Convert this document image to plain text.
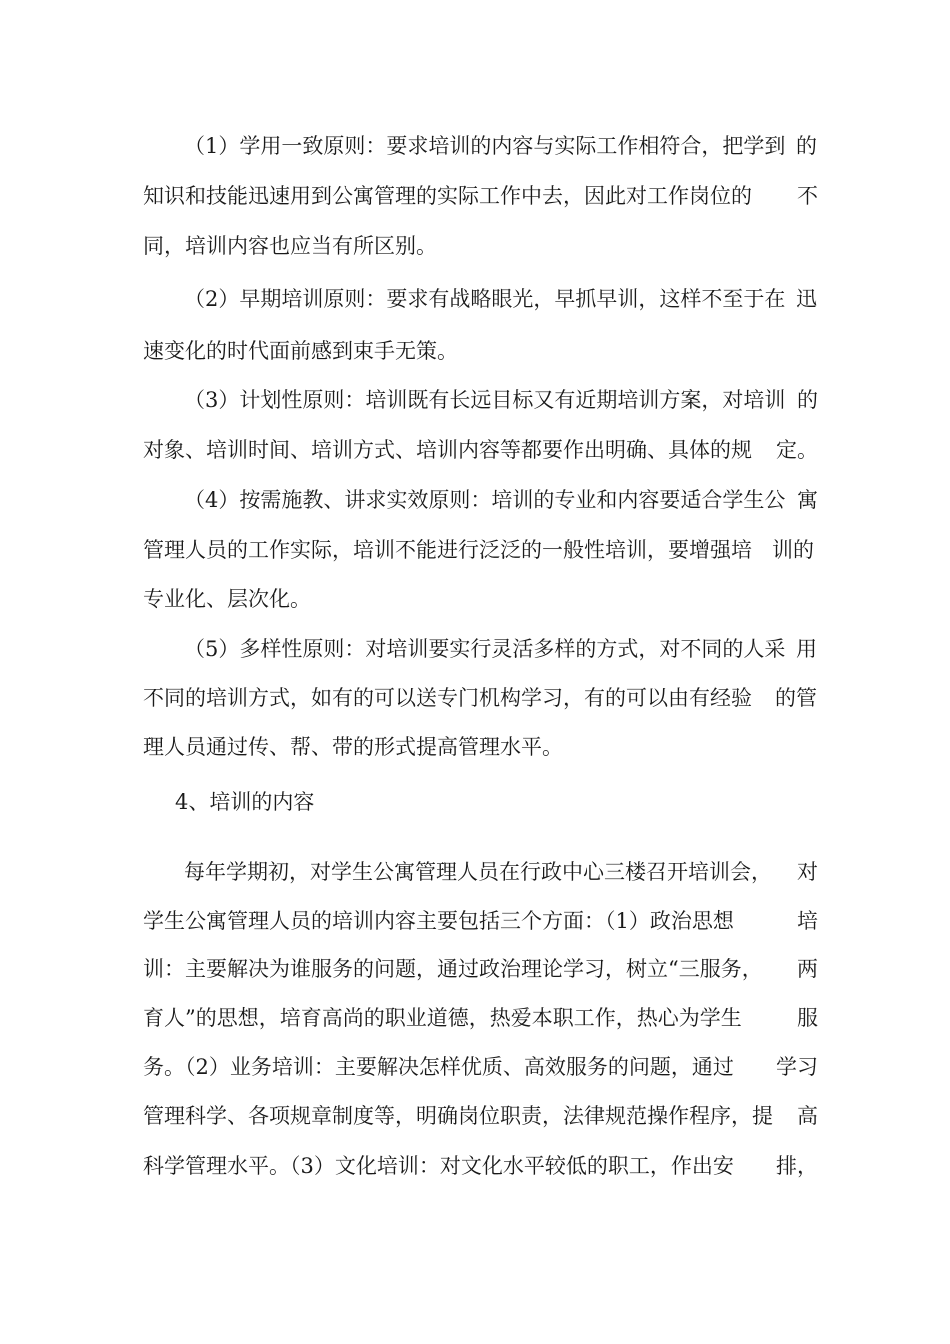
（1）学用一致原则：要求培训的内容与实际工作相符合，把学到 的
知识和技能迅速用到公寓管理的实际工作中去，因此对工作岗位的 不
同，培训内容也应当有所区别。
（2）早期培训原则：要求有战略眼光，早抓早训，这样不至于在 迅
速变化的时代面前感到束手无策。
（3）计划性原则：培训既有长远目标又有近期培训方案，对培训 的
对象、培训时间、培训方式、培训内容等都要作出明确、具体的规 定。
（4）按需施教、讲求实效原则：培训的专业和内容要适合学生公 寓
管理人员的工作实际，培训不能进行泛泛的一般性培训，要增强培 训的
专业化、层次化。
（5）多样性原则：对培训要实行灵活多样的方式，对不同的人采 用
不同的培训方式，如有的可以送专门机构学习，有的可以由有经验 的管
理人员通过传、帮、带的形式提高管理水平。
4、培训的内容
每年学期初，对学生公寓管理人员在行政中心三楼召开培训会， 对
学生公寓管理人员的培训内容主要包括三个方面：（1）政治思想	培
训：主要解决为谁服务的问题，通过政治理论学习，树立“三服务， 两
育人”的思想，培育高尚的职业道德，热爱本职工作，热心为学生	服
务。（2）业务培训：主要解决怎样优质、高效服务的问题，通过 学习
管理科学、各项规章制度等，明确岗位职责，法律规范操作程序，提 高
科学管理水平。（3）文化培训：对文化水平较低的职工，作出安 排，
